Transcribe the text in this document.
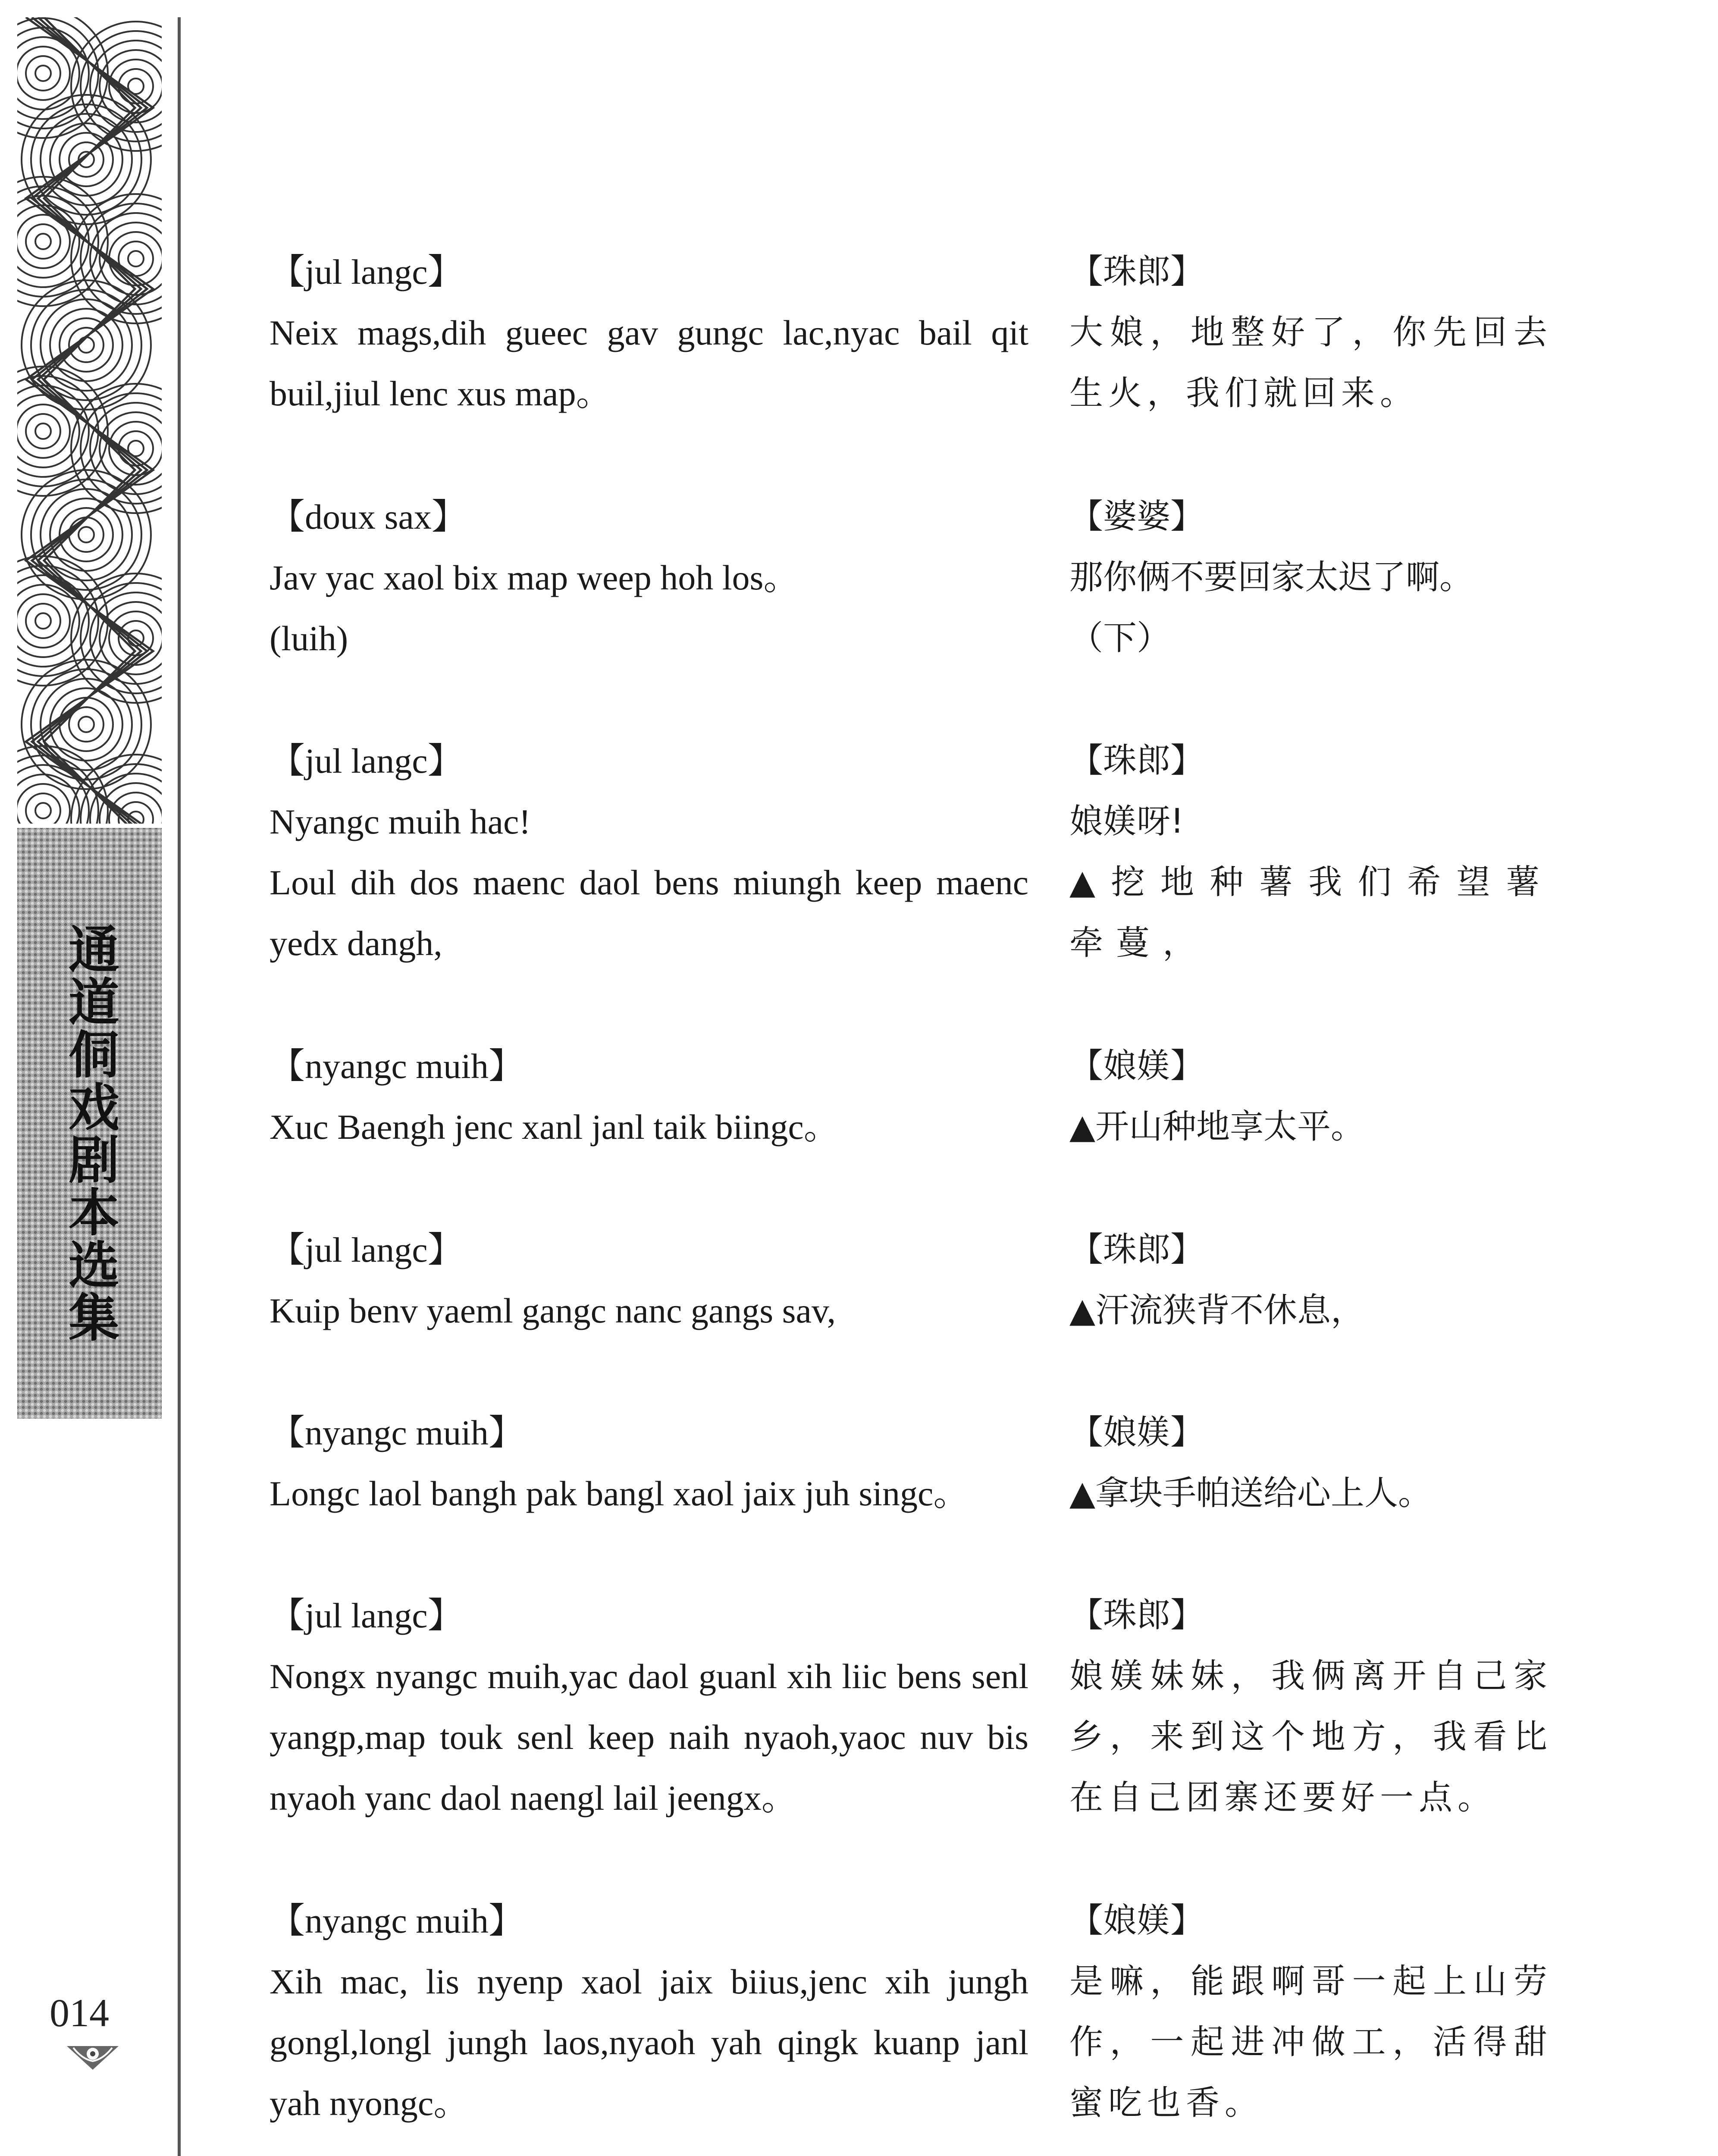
通道侗戏剧本选集
014
【jul langc】
Neix mags,dih gueec gav gungc lac,nyac bail qit buil,jiul lenc xus map。
【珠郎】
大娘，地整好了，你先回去生火，我们就回来。
【doux sax】
Jav yac xaol bix map weep hoh los。
(luih)
【婆婆】
那你俩不要回家太迟了啊。
（下）
【jul langc】
Nyangc muih hac!
Loul dih dos maenc daol bens miungh keep maenc yedx dangh,
【珠郎】
娘媄呀!
▲挖地种薯我们希望薯牵蔓，
【nyangc muih】
Xuc Baengh jenc xanl janl taik biingc。
【娘媄】
▲开山种地享太平。
【jul langc】
Kuip benv yaeml gangc nanc gangs sav,
【珠郎】
▲汗流狭背不休息，
【nyangc muih】
Longc laol bangh pak bangl xaol jaix juh singc。
【娘媄】
▲拿块手帕送给心上人。
【jul langc】
Nongx nyangc muih,yac daol guanl xih liic bens senl yangp,map touk senl keep naih nyaoh,yaoc nuv bis nyaoh yanc daol naengl lail jeengx。
【珠郎】
娘媄妹妹，我俩离开自己家乡，来到这个地方，我看比在自己团寨还要好一点。
【nyangc muih】
Xih mac, lis nyenp xaol jaix biius,jenc xih jungh gongl,longl jungh laos,nyaoh yah qingk kuanp janl yah nyongc。
【娘媄】
是嘛，能跟啊哥一起上山劳作，一起进冲做工，活得甜蜜吃也香。
